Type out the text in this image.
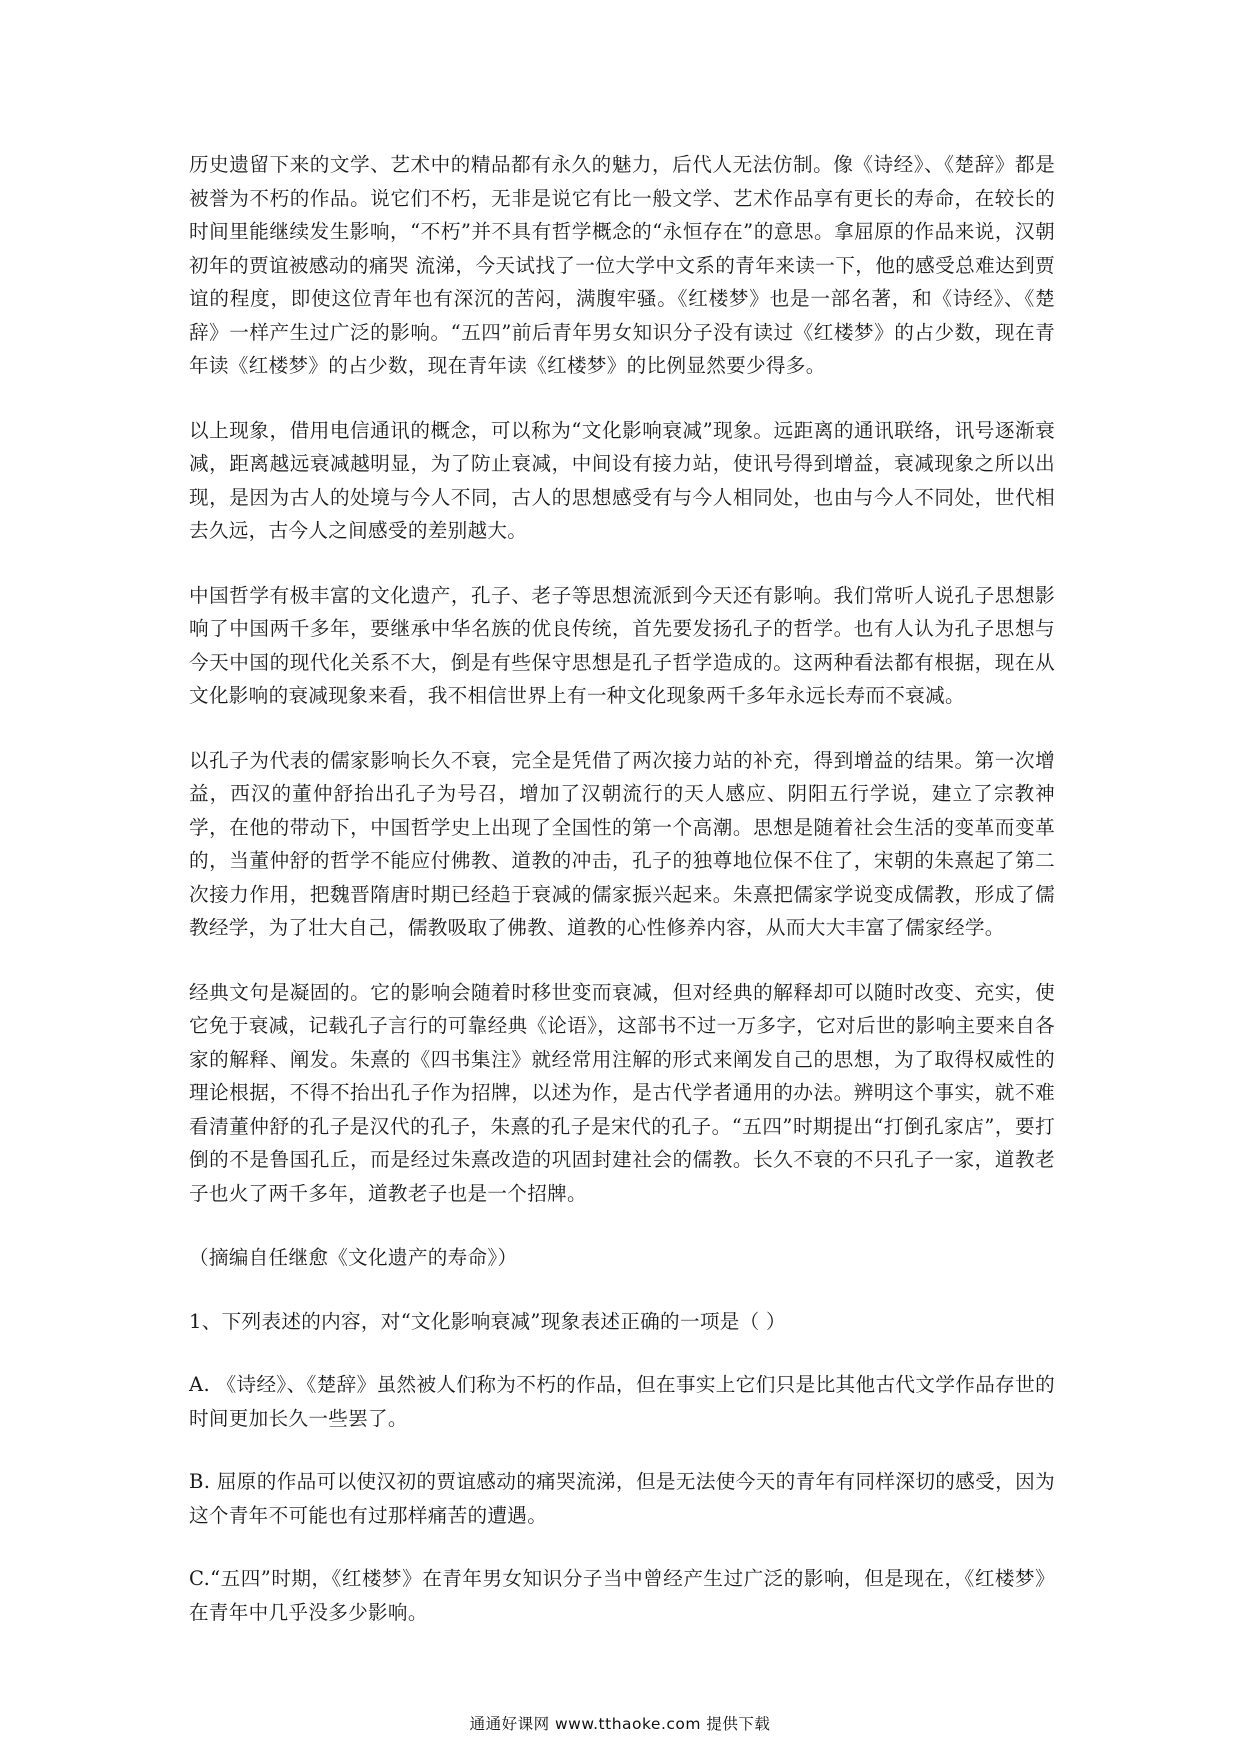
历史遗留下来的文学、艺术中的精品都有永久的魅力，后代人无法仿制。像《诗经》、《楚辞》都是被誉为不朽的作品。说它们不朽，无非是说它有比一般文学、艺术作品享有更长的寿命，在较长的时间里能继续发生影响，“不朽”并不具有哲学概念的“永恒存在”的意思。拿屈原的作品来说，汉朝初年的贾谊被感动的痛哭 流涕，今天试找了一位大学中文系的青年来读一下，他的感受总难达到贾谊的程度，即使这位青年也有深沉的苦闷，满腹牢骚。《红楼梦》也是一部名著，和《诗经》、《楚辞》一样产生过广泛的影响。“五四”前后青年男女知识分子没有读过《红楼梦》的占少数，现在青年读《红楼梦》的占少数，现在青年读《红楼梦》的比例显然要少得多。

以上现象，借用电信通讯的概念，可以称为“文化影响衰减”现象。远距离的通讯联络，讯号逐渐衰减，距离越远衰减越明显，为了防止衰减，中间设有接力站，使讯号得到增益，衰减现象之所以出现，是因为古人的处境与今人不同，古人的思想感受有与今人相同处，也由与今人不同处，世代相去久远，古今人之间感受的差别越大。

中国哲学有极丰富的文化遗产，孔子、老子等思想流派到今天还有影响。我们常听人说孔子思想影响了中国两千多年，要继承中华名族的优良传统，首先要发扬孔子的哲学。也有人认为孔子思想与今天中国的现代化关系不大，倒是有些保守思想是孔子哲学造成的。这两种看法都有根据，现在从文化影响的衰减现象来看，我不相信世界上有一种文化现象两千多年永远长寿而不衰减。

以孔子为代表的儒家影响长久不衰，完全是凭借了两次接力站的补充，得到增益的结果。第一次增益，西汉的董仲舒抬出孔子为号召，增加了汉朝流行的天人感应、阴阳五行学说，建立了宗教神学，在他的带动下，中国哲学史上出现了全国性的第一个高潮。思想是随着社会生活的变革而变革的，当董仲舒的哲学不能应付佛教、道教的冲击，孔子的独尊地位保不住了，宋朝的朱熹起了第二次接力作用，把魏晋隋唐时期已经趋于衰减的儒家振兴起来。朱熹把儒家学说变成儒教，形成了儒教经学，为了壮大自己，儒教吸取了佛教、道教的心性修养内容，从而大大丰富了儒家经学。

经典文句是凝固的。它的影响会随着时移世变而衰减，但对经典的解释却可以随时改变、充实，使它免于衰减，记载孔子言行的可靠经典《论语》，这部书不过一万多字，它对后世的影响主要来自各家的解释、阐发。朱熹的《四书集注》就经常用注解的形式来阐发自己的思想，为了取得权威性的理论根据，不得不抬出孔子作为招牌，以述为作，是古代学者通用的办法。辨明这个事实，就不难看清董仲舒的孔子是汉代的孔子，朱熹的孔子是宋代的孔子。“五四”时期提出“打倒孔家店”，要打倒的不是鲁国孔丘，而是经过朱熹改造的巩固封建社会的儒教。长久不衰的不只孔子一家，道教老子也火了两千多年，道教老子也是一个招牌。

（摘编自任继愈《文化遗产的寿命》）

1、下列表述的内容，对“文化影响衰减”现象表述正确的一项是（ ）

A. 《诗经》、《楚辞》虽然被人们称为不朽的作品，但在事实上它们只是比其他古代文学作品存世的时间更加长久一些罢了。

B. 屈原的作品可以使汉初的贾谊感动的痛哭流涕，但是无法使今天的青年有同样深切的感受，因为这个青年不可能也有过那样痛苦的遭遇。

C.“五四”时期，《红楼梦》在青年男女知识分子当中曾经产生过广泛的影响，但是现在，《红楼梦》在青年中几乎没多少影响。

通通好课网 www.tthaoke.com 提供下载
